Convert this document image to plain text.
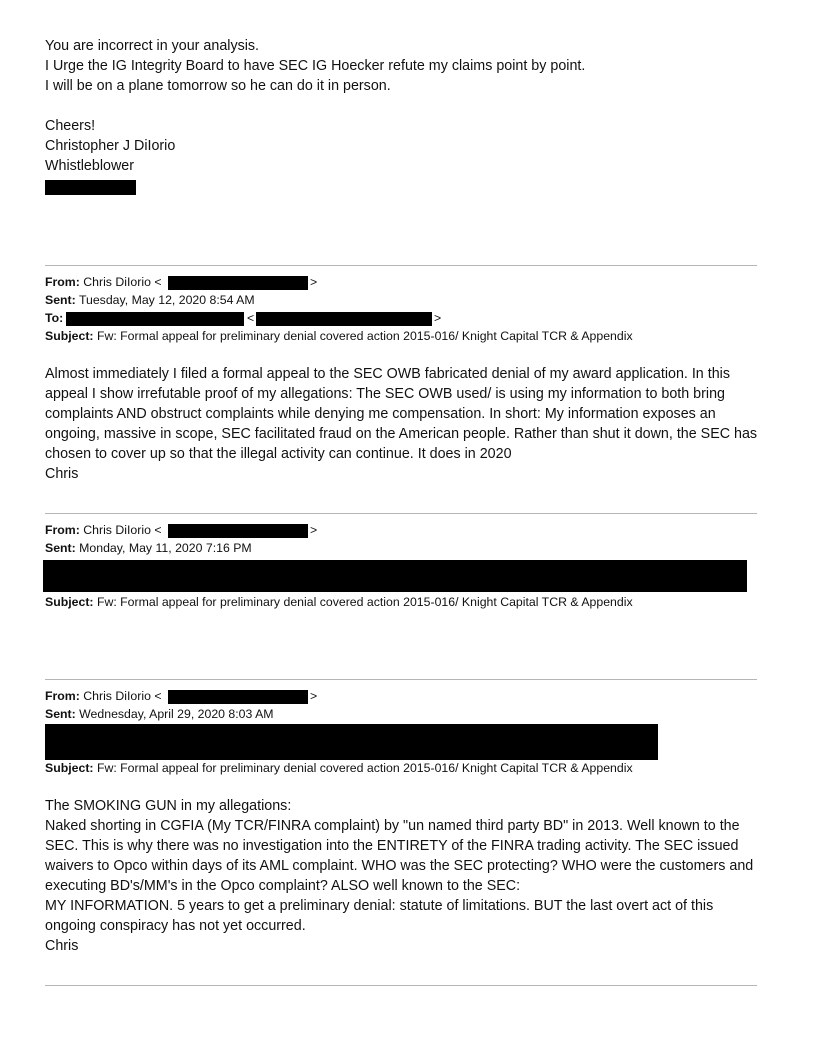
You are incorrect in your analysis.
I Urge the IG Integrity Board to have SEC IG Hoecker refute my claims point by point.
I will be on a plane tomorrow so he can do it in person.
Cheers!
Christopher J DiIorio
Whistleblower
From: Chris DiIorio <	>
Sent: Tuesday, May 12, 2020 8:54 AM
To:	<	>
Subject: Fw: Formal appeal for preliminary denial covered action 2015-016/ Knight Capital TCR & Appendix
Almost immediately I filed a formal appeal to the SEC OWB fabricated denial of my award application. In this
appeal I show irrefutable proof of my allegations: The SEC OWB used/ is using my information to both bring
complaints AND obstruct complaints while denying me compensation. In short: My information exposes an
ongoing, massive in scope, SEC facilitated fraud on the American people. Rather than shut it down, the SEC has
chosen to cover up so that the illegal activity can continue. It does in 2020
Chris
From: Chris DiIorio <	>
Sent: Monday, May 11, 2020 7:16 PM
Subject: Fw: Formal appeal for preliminary denial covered action 2015-016/ Knight Capital TCR & Appendix
From: Chris DiIorio <	>
Sent: Wednesday, April 29, 2020 8:03 AM
Subject: Fw: Formal appeal for preliminary denial covered action 2015-016/ Knight Capital TCR & Appendix
The SMOKING GUN in my allegations:
Naked shorting in CGFIA (My TCR/FINRA complaint) by "un named third party BD" in 2013. Well known to the
SEC. This is why there was no investigation into the ENTIRETY of the FINRA trading activity. The SEC issued
waivers to Opco within days of its AML complaint. WHO was the SEC protecting? WHO were the customers and
executing BD's/MM's in the Opco complaint? ALSO well known to the SEC:
MY INFORMATION. 5 years to get a preliminary denial: statute of limitations. BUT the last overt act of this
ongoing conspiracy has not yet occurred.
Chris
